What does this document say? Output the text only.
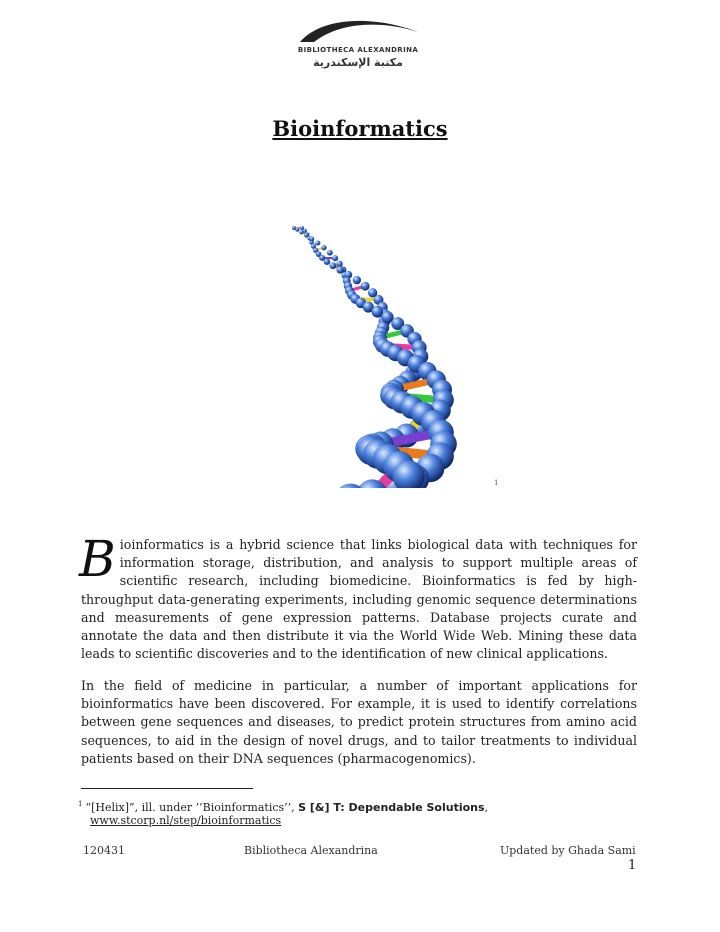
BIBLIOTHECA ALEXANDRINA
مكتبة الإسكندرية
Bioinformatics
1
Bioinformatics is a hybrid science that links biological data with techniques for information storage, distribution, and analysis to support multiple areas of scientific research, including biomedicine. Bioinformatics is fed by high-throughput data-generating experiments, including genomic sequence determinations and measurements of gene expression patterns. Database projects curate and annotate the data and then distribute it via the World Wide Web. Mining these data leads to scientific discoveries and to the identification of new clinical applications.
In the field of medicine in particular, a number of important applications for bioinformatics have been discovered. For example, it is used to identify correlations between gene sequences and diseases, to predict protein structures from amino acid sequences, to aid in the design of novel drugs, and to tailor treatments to individual patients based on their DNA sequences (pharmacogenomics).
$^1$ “[Helix]”, ill. under ’’Bioinformatics’’, S [&] T: Dependable Solutions,
www.stcorp.nl/step/bioinformatics
120431	Bibliotheca Alexandrina	Updated by Ghada Sami
1
